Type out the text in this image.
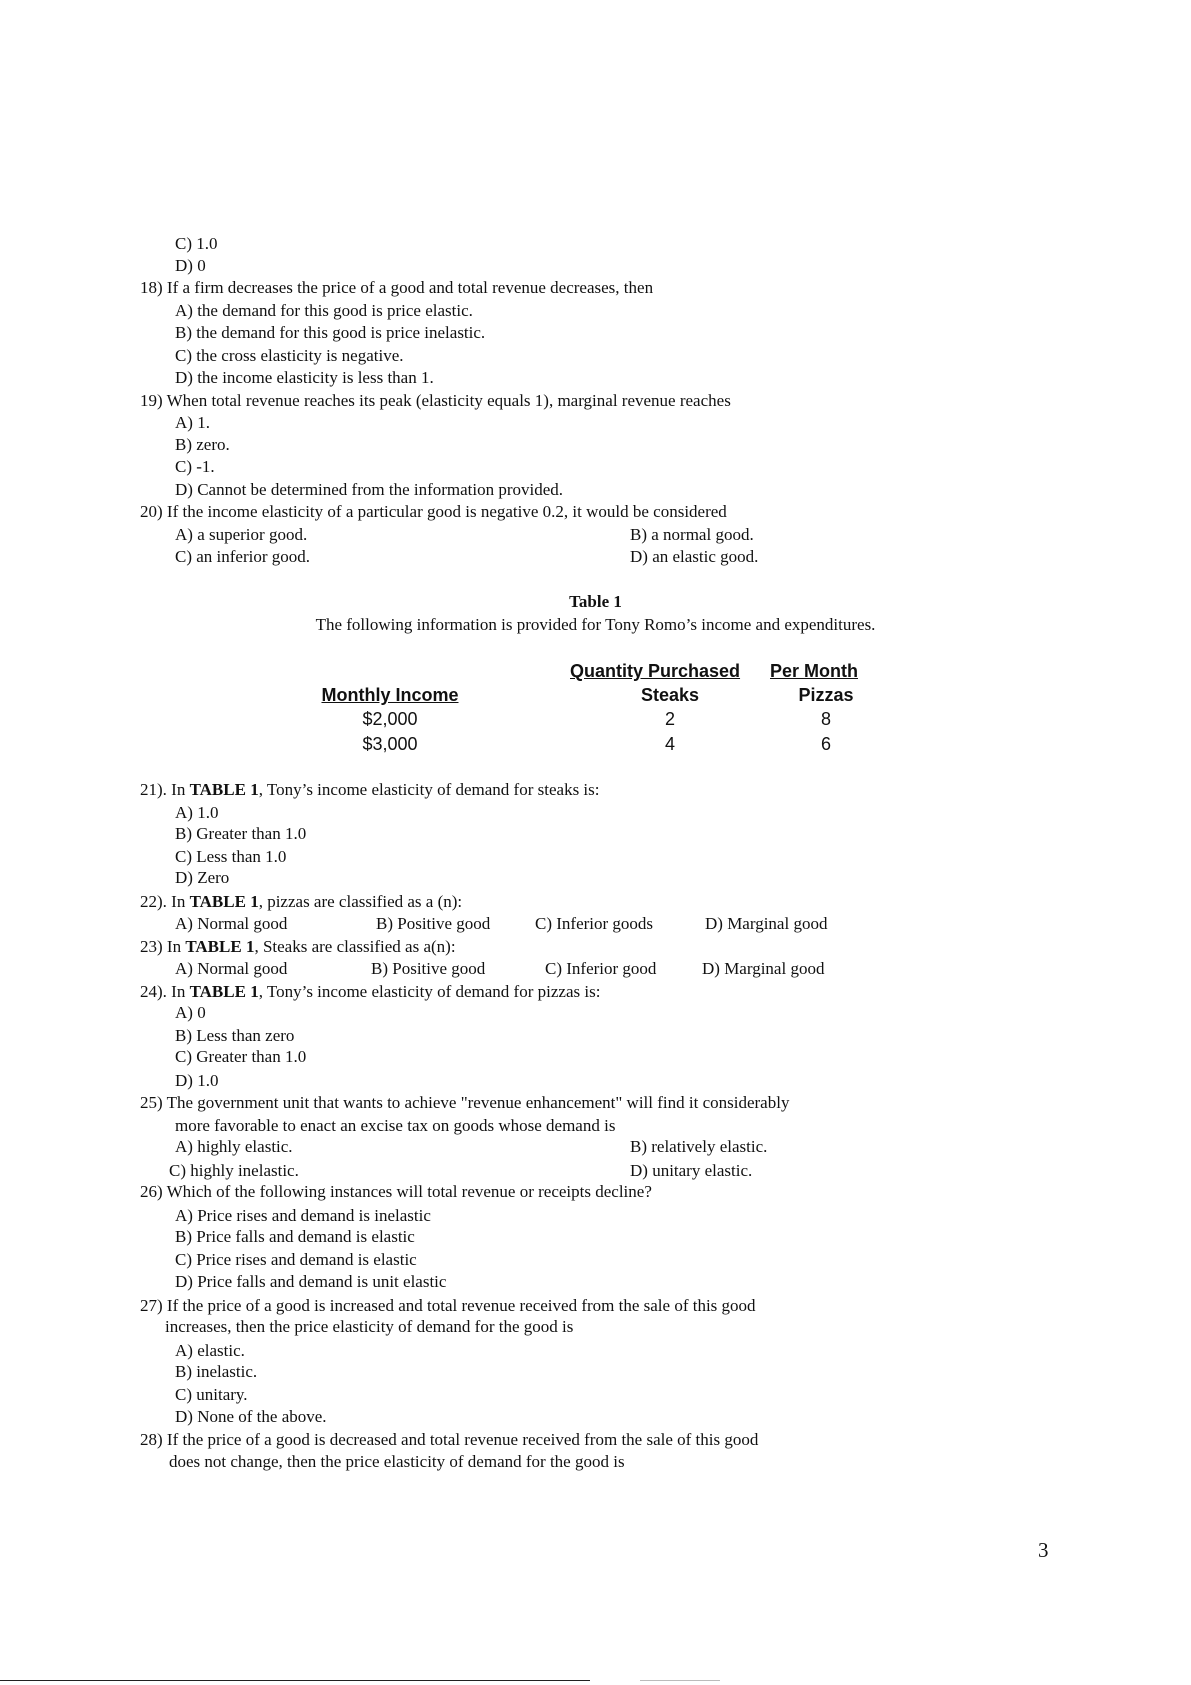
C) 1.0
D) 0
18) If a firm decreases the price of a good and total revenue decreases, then
A) the demand for this good is price elastic.
B) the demand for this good is price inelastic.
C) the cross elasticity is negative.
D) the income elasticity is less than 1.
19) When total revenue reaches its peak (elasticity equals 1), marginal revenue reaches
A) 1.
B) zero.
C) -1.
D) Cannot be determined from the information provided.
20) If the income elasticity of a particular good is negative 0.2, it would be considered
A) a superior good.	B) a normal good.
C) an inferior good.	D) an elastic good.
Table 1
The following information is provided for Tony Romo’s income and expenditures.
Quantity Purchased Per Month
Monthly Income	Steaks	Pizzas
$2,000	2	8
$3,000	4	6
21). In TABLE 1, Tony’s income elasticity of demand for steaks is:
A) 1.0
B) Greater than 1.0
C) Less than 1.0
D) Zero
22). In TABLE 1, pizzas are classified as a (n):
A) Normal good	B) Positive good	C) Inferior goods	D) Marginal good
23) In TABLE 1, Steaks are classified as a(n):
A) Normal good	B) Positive good	C) Inferior good	D) Marginal good
24). In TABLE 1, Tony’s income elasticity of demand for pizzas is:
A) 0
B) Less than zero
C) Greater than 1.0
D) 1.0
25) The government unit that wants to achieve "revenue enhancement" will find it considerably
more favorable to enact an excise tax on goods whose demand is
A) highly elastic.	B) relatively elastic.
C) highly inelastic.	D) unitary elastic.
26) Which of the following instances will total revenue or receipts decline?
A) Price rises and demand is inelastic
B) Price falls and demand is elastic
C) Price rises and demand is elastic
D) Price falls and demand is unit elastic
27) If the price of a good is increased and total revenue received from the sale of this good
increases, then the price elasticity of demand for the good is
A) elastic.
B) inelastic.
C) unitary.
D) None of the above.
28) If the price of a good is decreased and total revenue received from the sale of this good
does not change, then the price elasticity of demand for the good is
3
